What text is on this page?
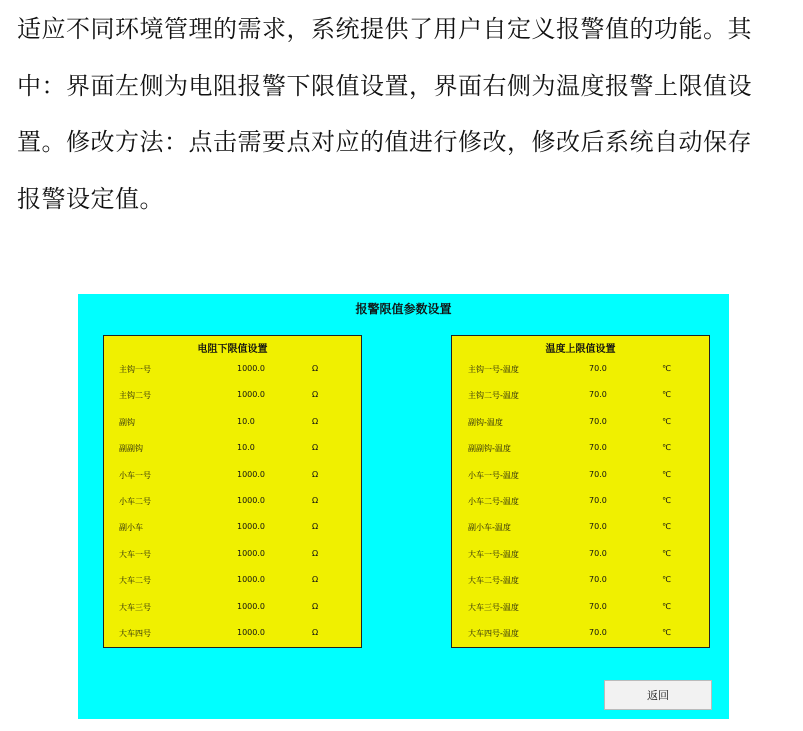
适应不同环境管理的需求，系统提供了用户自定义报警值的功能。其
中：界面左侧为电阻报警下限值设置，界面右侧为温度报警上限值设
置。修改方法：点击需要点对应的值进行修改，修改后系统自动保存
报警设定值。
报警限值参数设置
电阻下限值设置
主钩一号	1000.0	Ω
主钩二号	1000.0	Ω
副钩	10.0	Ω
副副钩	10.0	Ω
小车一号	1000.0	Ω
小车二号	1000.0	Ω
副小车	1000.0	Ω
大车一号	1000.0	Ω
大车二号	1000.0	Ω
大车三号	1000.0	Ω
大车四号	1000.0	Ω
温度上限值设置
主钩一号-温度	70.0	℃
主钩二号-温度	70.0	℃
副钩-温度	70.0	℃
副副钩-温度	70.0	℃
小车一号-温度	70.0	℃
小车二号-温度	70.0	℃
副小车-温度	70.0	℃
大车一号-温度	70.0	℃
大车二号-温度	70.0	℃
大车三号-温度	70.0	℃
大车四号-温度	70.0	℃
返回
